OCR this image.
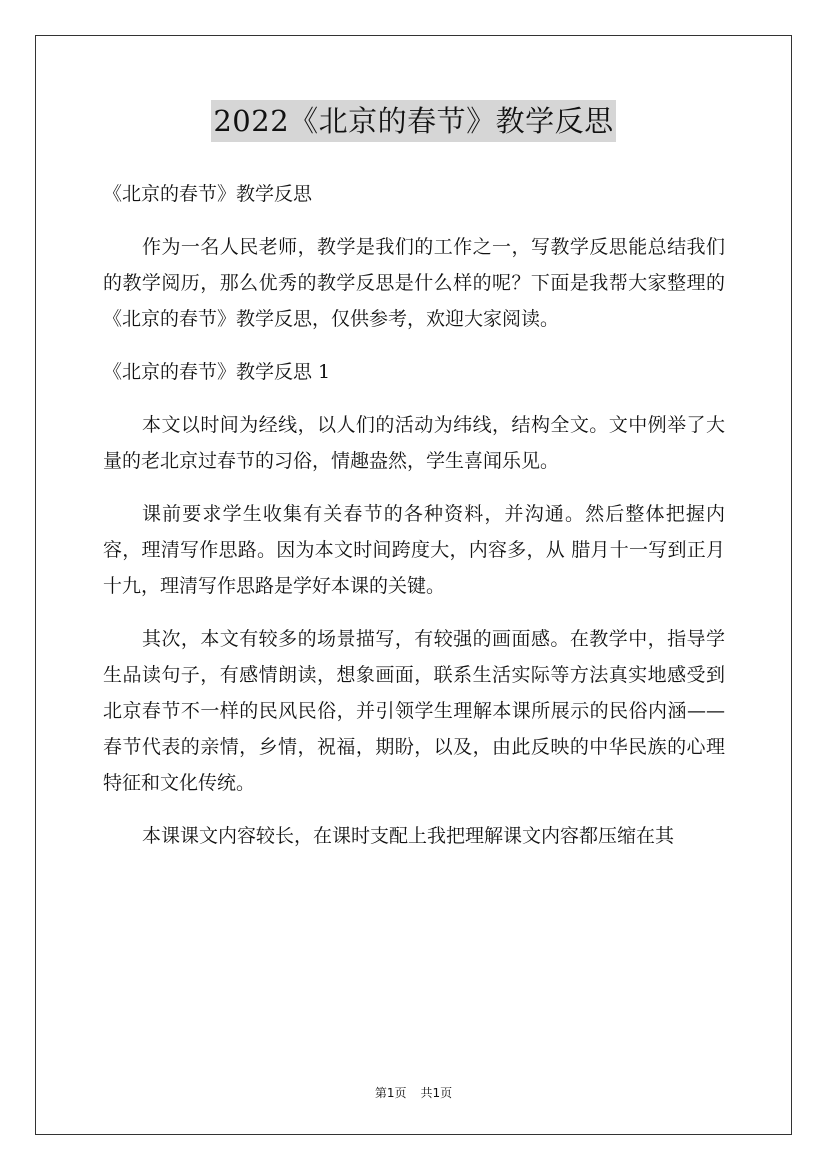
2022《北京的春节》教学反思

《北京的春节》教学反思

作为一名人民老师，教学是我们的工作之一，写教学反思能总结我们的教学阅历，那么优秀的教学反思是什么样的呢？下面是我帮大家整理的《北京的春节》教学反思，仅供参考，欢迎大家阅读。

《北京的春节》教学反思 1

本文以时间为经线，以人们的活动为纬线，结构全文。文中例举了大量的老北京过春节的习俗，情趣盎然，学生喜闻乐见。

课前要求学生收集有关春节的各种资料，并沟通。然后整体把握内容，理清写作思路。因为本文时间跨度大，内容多，从 腊月十一写到正月十九，理清写作思路是学好本课的关键。

其次，本文有较多的场景描写，有较强的画面感。在教学中，指导学生品读句子，有感情朗读，想象画面，联系生活实际等方法真实地感受到北京春节不一样的民风民俗，并引领学生理解本课所展示的民俗内涵——春节代表的亲情，乡情，祝福，期盼，以及，由此反映的中华民族的心理特征和文化传统。

本课课文内容较长，在课时支配上我把理解课文内容都压缩在其

第1页 共1页
